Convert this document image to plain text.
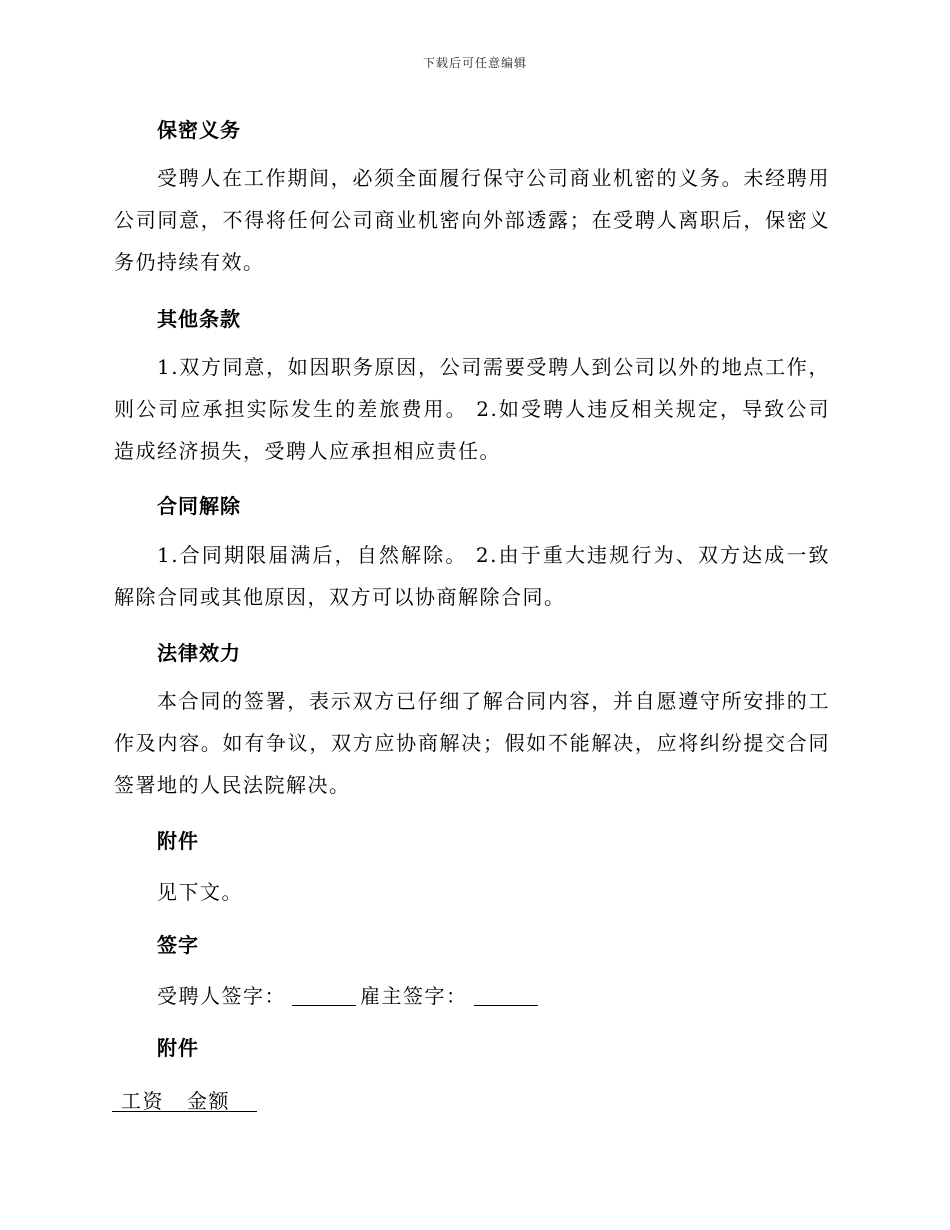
下载后可任意编辑
保密义务
受聘人在工作期间，必须全面履行保守公司商业机密的义务。未经聘用公司同意，不得将任何公司商业机密向外部透露；在受聘人离职后，保密义务仍持续有效。
其他条款
1.双方同意，如因职务原因，公司需要受聘人到公司以外的地点工作，则公司应承担实际发生的差旅费用。 2.如受聘人违反相关规定，导致公司造成经济损失，受聘人应承担相应责任。
合同解除
1.合同期限届满后，自然解除。 2.由于重大违规行为、双方达成一致解除合同或其他原因，双方可以协商解除合同。
法律效力
本合同的签署，表示双方已仔细了解合同内容，并自愿遵守所安排的工作及内容。如有争议，双方应协商解决；假如不能解决，应将纠纷提交合同签署地的人民法院解决。
附件
见下文。
签字
受聘人签字：	雇主签字：
附件
工资 金额
